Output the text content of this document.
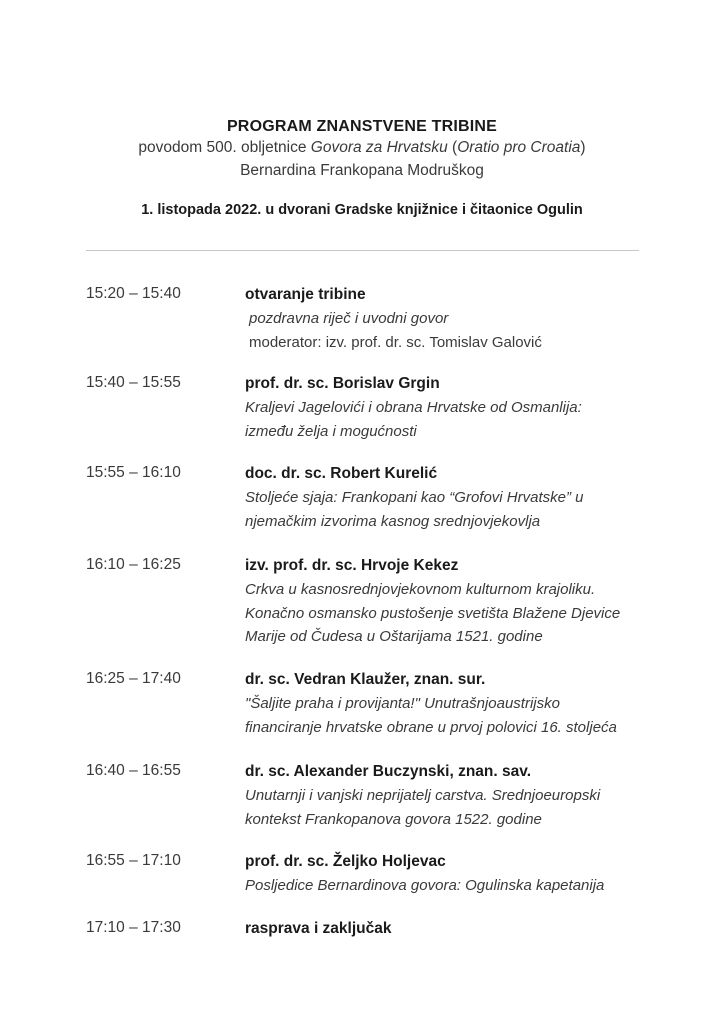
PROGRAM ZNANSTVENE TRIBINE
povodom 500. obljetnice Govora za Hrvatsku (Oratio pro Croatia)
Bernardina Frankopana Modruškog
1. listopada 2022. u dvorani Gradske knjižnice i čitaonice Ogulin
15:20 – 15:40	otvaranje tribine
pozdravna riječ i uvodni govor
moderator: izv. prof. dr. sc. Tomislav Galović
15:40 – 15:55	prof. dr. sc. Borislav Grgin
Kraljevi Jagelovići i obrana Hrvatske od Osmanlija:
između želja i mogućnosti
15:55 – 16:10	doc. dr. sc. Robert Kurelić
Stoljeće sjaja: Frankopani kao “Grofovi Hrvatske” u
njemačkim izvorima kasnog srednjovjekovlja
16:10 – 16:25	izv. prof. dr. sc. Hrvoje Kekez
Crkva u kasnosrednjovjekovnom kulturnom krajoliku.
Konačno osmansko pustošenje svetišta Blažene Djevice
Marije od Čudesa u Oštarijama 1521. godine
16:25 – 17:40	dr. sc. Vedran Klaužer, znan. sur.
"Šaljite praha i provijanta!" Unutrašnjoaustrijsko
financiranje hrvatske obrane u prvoj polovici 16. stoljeća
16:40 – 16:55	dr. sc. Alexander Buczynski, znan. sav.
Unutarnji i vanjski neprijatelj carstva. Srednjoeuropski
kontekst Frankopanova govora 1522. godine
16:55 – 17:10	prof. dr. sc. Željko Holjevac
Posljedice Bernardinova govora: Ogulinska kapetanija
17:10 – 17:30	rasprava i zaključak
